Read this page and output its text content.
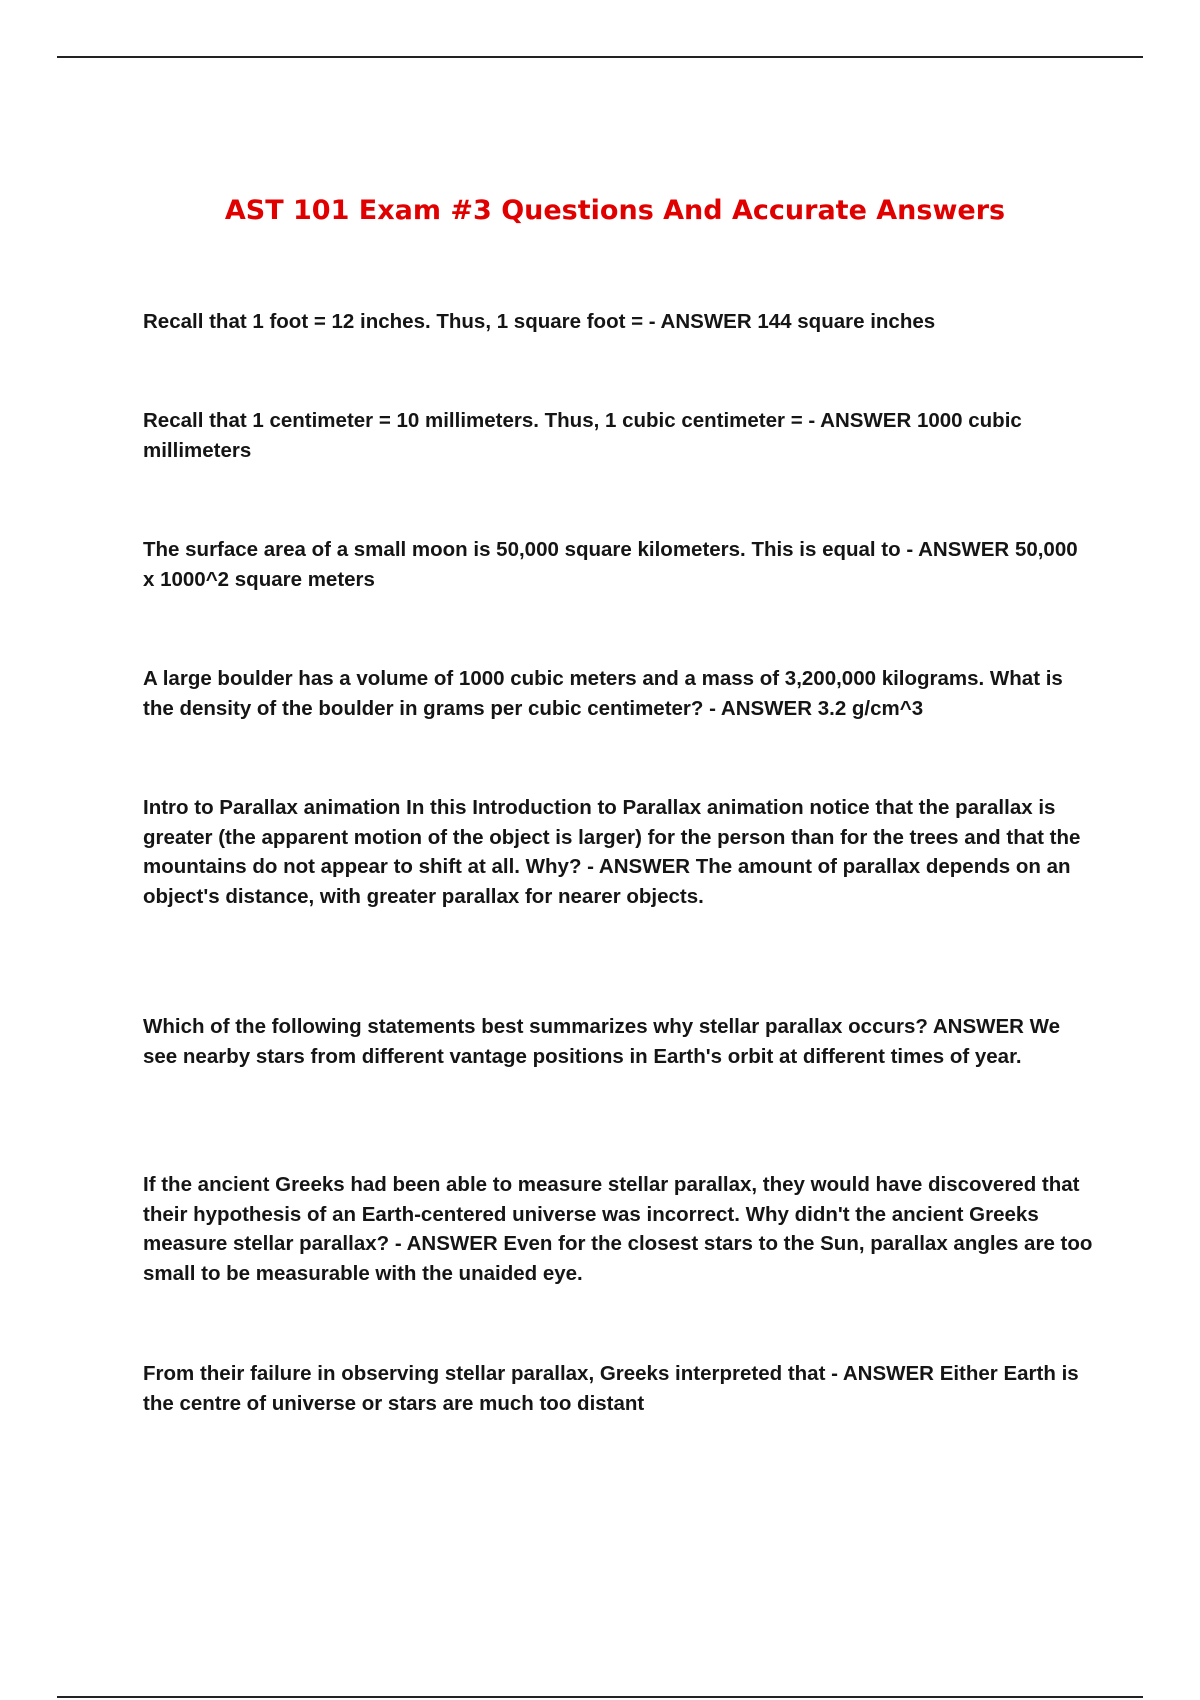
AST 101 Exam #3 Questions And Accurate Answers

Recall that 1 foot = 12 inches. Thus, 1 square foot = - ANSWER 144 square inches

Recall that 1 centimeter = 10 millimeters. Thus, 1 cubic centimeter = - ANSWER 1000 cubic millimeters

The surface area of a small moon is 50,000 square kilometers. This is equal to - ANSWER 50,000 x 1000^2 square meters

A large boulder has a volume of 1000 cubic meters and a mass of 3,200,000 kilograms. What is the density of the boulder in grams per cubic centimeter? - ANSWER 3.2 g/cm^3

Intro to Parallax animation In this Introduction to Parallax animation notice that the parallax is greater (the apparent motion of the object is larger) for the person than for the trees and that the mountains do not appear to shift at all. Why? - ANSWER The amount of parallax depends on an object's distance, with greater parallax for nearer objects.

Which of the following statements best summarizes why stellar parallax occurs? ANSWER We see nearby stars from different vantage positions in Earth's orbit at different times of year.

If the ancient Greeks had been able to measure stellar parallax, they would have discovered that their hypothesis of an Earth-centered universe was incorrect. Why didn't the ancient Greeks measure stellar parallax? - ANSWER Even for the closest stars to the Sun, parallax angles are too small to be measurable with the unaided eye.

From their failure in observing stellar parallax, Greeks interpreted that - ANSWER Either Earth is the centre of universe or stars are much too distant
